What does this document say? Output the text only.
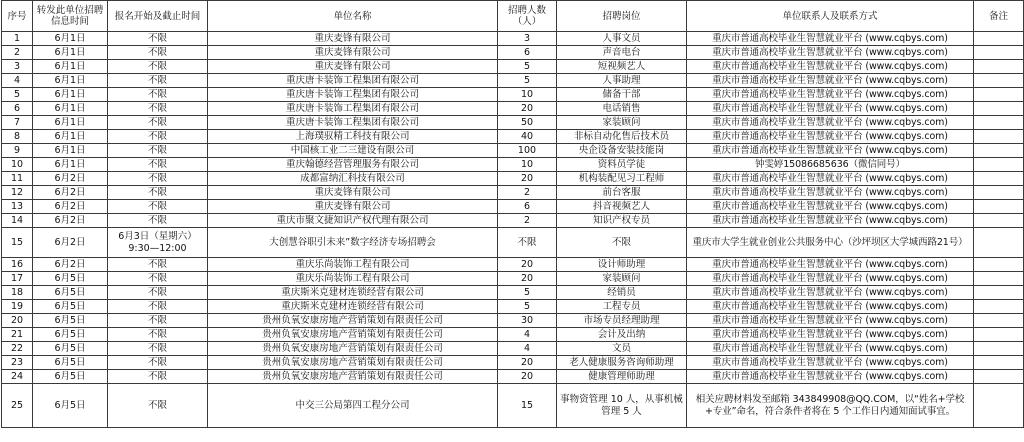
序号	转发此单位招聘信息时间	报名开始及截止时间	单位名称	招聘人数（人）	招聘岗位	单位联系人及联系方式	备注
1	6月1日	不限	重庆麦锋有限公司	3	人事文员	重庆市普通高校毕业生智慧就业平台 (www.cqbys.com)	
2	6月1日	不限	重庆麦锋有限公司	6	声音电台	重庆市普通高校毕业生智慧就业平台 (www.cqbys.com)	
3	6月1日	不限	重庆麦锋有限公司	5	短视频艺人	重庆市普通高校毕业生智慧就业平台 (www.cqbys.com)	
4	6月1日	不限	重庆唐卡装饰工程集团有限公司	5	人事助理	重庆市普通高校毕业生智慧就业平台 (www.cqbys.com)	
5	6月1日	不限	重庆唐卡装饰工程集团有限公司	10	储备干部	重庆市普通高校毕业生智慧就业平台 (www.cqbys.com)	
6	6月1日	不限	重庆唐卡装饰工程集团有限公司	20	电话销售	重庆市普通高校毕业生智慧就业平台 (www.cqbys.com)	
7	6月1日	不限	重庆唐卡装饰工程集团有限公司	50	家装顾问	重庆市普通高校毕业生智慧就业平台 (www.cqbys.com)	
8	6月1日	不限	上海璞驭精工科技有限公司	40	非标自动化售后技术员	重庆市普通高校毕业生智慧就业平台 (www.cqbys.com)	
9	6月1日	不限	中国核工业二三建设有限公司	100	央企设备安装技能岗	重庆市普通高校毕业生智慧就业平台 (www.cqbys.com)	
10	6月1日	不限	重庆翰德经营管理服务有限公司	10	资料员学徒	钟雯婷15086685636（微信同号）	
11	6月2日	不限	成都富纳汇科技有限公司	20	机构装配见习工程师	重庆市普通高校毕业生智慧就业平台 (www.cqbys.com)	
12	6月2日	不限	重庆麦锋有限公司	2	前台客服	重庆市普通高校毕业生智慧就业平台 (www.cqbys.com)	
13	6月2日	不限	重庆麦锋有限公司	6	抖音视频艺人	重庆市普通高校毕业生智慧就业平台 (www.cqbys.com)	
14	6月2日	不限	重庆市聚文捷知识产权代理有限公司	2	知识产权专员	重庆市普通高校毕业生智慧就业平台 (www.cqbys.com)	
15	6月2日	6月3日（星期六）9:30—12:00	大创慧谷职引未来”数字经济专场招聘会	不限	不限	重庆市大学生就业创业公共服务中心（沙坪坝区大学城西路21号）	
16	6月2日	不限	重庆乐尚装饰工程有限公司	20	设计师助理	重庆市普通高校毕业生智慧就业平台 (www.cqbys.com)	
17	6月5日	不限	重庆乐尚装饰工程有限公司	20	家装顾问	重庆市普通高校毕业生智慧就业平台 (www.cqbys.com)	
18	6月5日	不限	重庆斯米克建材连锁经营有限公司	5	经销员	重庆市普通高校毕业生智慧就业平台 (www.cqbys.com)	
19	6月5日	不限	重庆斯米克建材连锁经营有限公司	5	工程专员	重庆市普通高校毕业生智慧就业平台 (www.cqbys.com)	
20	6月5日	不限	贵州负氧安康房地产营销策划有限责任公司	30	市场专员经理助理	重庆市普通高校毕业生智慧就业平台 (www.cqbys.com)	
21	6月5日	不限	贵州负氧安康房地产营销策划有限责任公司	4	会计及出纳	重庆市普通高校毕业生智慧就业平台 (www.cqbys.com)	
22	6月5日	不限	贵州负氧安康房地产营销策划有限责任公司	4	文员	重庆市普通高校毕业生智慧就业平台 (www.cqbys.com)	
23	6月5日	不限	贵州负氧安康房地产营销策划有限责任公司	20	老人健康服务咨询师助理	重庆市普通高校毕业生智慧就业平台 (www.cqbys.com)	
24	6月5日	不限	贵州负氧安康房地产营销策划有限责任公司	20	健康管理师助理	重庆市普通高校毕业生智慧就业平台 (www.cqbys.com)	
25	6月5日	不限	中交三公局第四工程分公司	15	事物资管理 10 人，从事机械管理 5 人	相关应聘材料发至邮箱 343849908@QQ.COM，以“姓名+学校+专业”命名，符合条件者将在 5 个工作日内通知面试事宜。	
